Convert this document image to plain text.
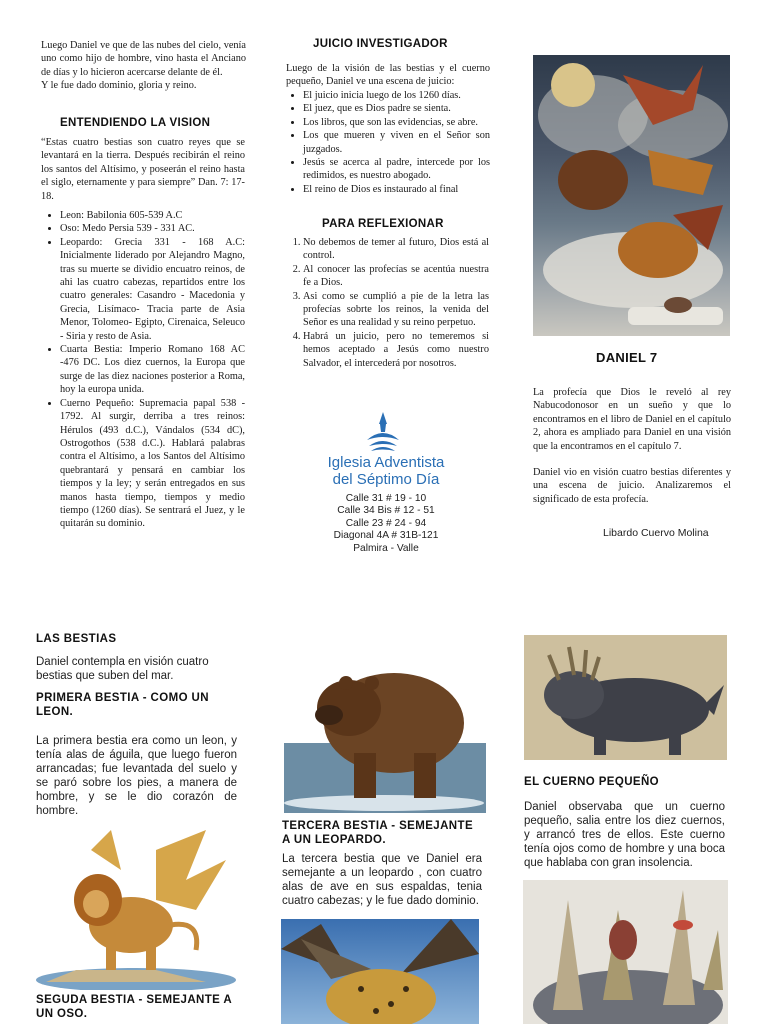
Luego Daniel ve que de las nubes del cielo, venía uno como hijo de hombre, vino hasta el Anciano de días y lo hicieron acercarse delante de él.

Y le fue dado dominio, gloria y reino.

ENTENDIENDO LA VISION

“Estas cuatro bestias son cuatro reyes que se levantará en la tierra. Después recibirán el reino los santos del Altísimo, y poseerán el reino hasta el siglo, eternamente y para siempre” Dan. 7: 17-18.

• Leon: Babilonia 605-539 A.C
• Oso: Medo Persia 539 - 331 AC.
• Leopardo: Grecia 331 - 168 A.C: Inicialmente liderado por Alejandro Magno, tras su muerte se dividio encuatro reinos, de ahi las cuatro cabezas, repartidos entre los cuatro generales: Casandro - Macedonia y Grecia, Lisímaco- Tracia parte de Asia Menor, Tolomeo- Egipto, Cirenaica, Seleuco - Siria y resto de Asia.
• Cuarta Bestia: Imperio Romano 168 AC -476 DC. Los diez cuernos, la Europa que surge de las diez naciones posterior a Roma, hoy la europa unida.
• Cuerno Pequeño: Supremacia papal 538 - 1792. Al surgir, derriba a tres reinos: Hérulos (493 d.C.), Vándalos (534 dC), Ostrogothos (538 d.C.). Hablará palabras contra el Altísimo, a los Santos del Altísimo quebrantará y pensará en cambiar los tiempos y la ley; y serán entregados en sus manos hasta tiempo, tiempos y medio tiempo (1260 días). Se sentrará el Juez, y le quitarán su dominio.
JUICIO INVESTIGADOR
Luego de la visión de las bestias y el cuerno pequeño, Daniel ve una escena de juicio:
• El juicio inicia luego de los 1260 días.
• El juez, que es Dios padre se sienta.
• Los libros, que son las evidencias, se abre.
• Los que mueren y viven en el Señor son juzgados.
• Jesús se acerca al padre, intercede por los redimidos, es nuestro abogado.
• El reino de Dios es instaurado al final
PARA REFLEXIONAR
1. No debemos de temer al futuro, Dios está al control.
2. Al conocer las profecías se acentúa nuestra fe a Dios.
3. Asi como se cumplió a pie de la letra las profecías sobrte los reinos, la venida del Señor es una realidad y su reino perpetuo.
4. Habrá un juicio, pero no temeremos si hemos aceptado a Jesús como nuestro Salvador, el intercederá por nosotros.
Iglesia Adventista
del Séptimo Día
Calle 31 # 19 - 10
Calle 34 Bis # 12 - 51
Calle 23 # 24 - 94
Diagonal 4A # 31B-121
Palmira - Valle
DANIEL 7

La profecía que Dios le reveló al rey Nabucodonosor en un sueño y que lo encontramos en el libro de Daniel en el capítulo 2, ahora es ampliado para Daniel en una visión que la encontramos en el capítulo 7.

Daniel vio en visión cuatro bestias diferentes y una escena de juicio. Analizaremos el significado de esta profecía.

Libardo Cuervo Molina
LAS BESTIAS
Daniel contempla en visión cuatro bestias que suben del mar.
PRIMERA BESTIA - COMO UN LEON.
La primera bestia era como un leon, y tenía alas de águila, que luego fueron arrancadas; fue levantada del suelo y se paró sobre los pies, a manera de hombre, y se le dio corazón de hombre.
SEGUDA BESTIA - SEMEJANTE A UN OSO.
TERCERA BESTIA - SEMEJANTE A UN LEOPARDO.
La tercera bestia que ve Daniel era semejante a un leopardo , con cuatro alas de ave en sus espaldas, tenia cuatro cabezas; y le fue dado dominio.
EL CUERNO PEQUEÑO
Daniel observaba que un cuerno pequeño, salia entre los diez cuernos, y arrancó tres de ellos. Este cuerno tenía ojos como de hombre y una boca que hablaba con gran insolencia.
